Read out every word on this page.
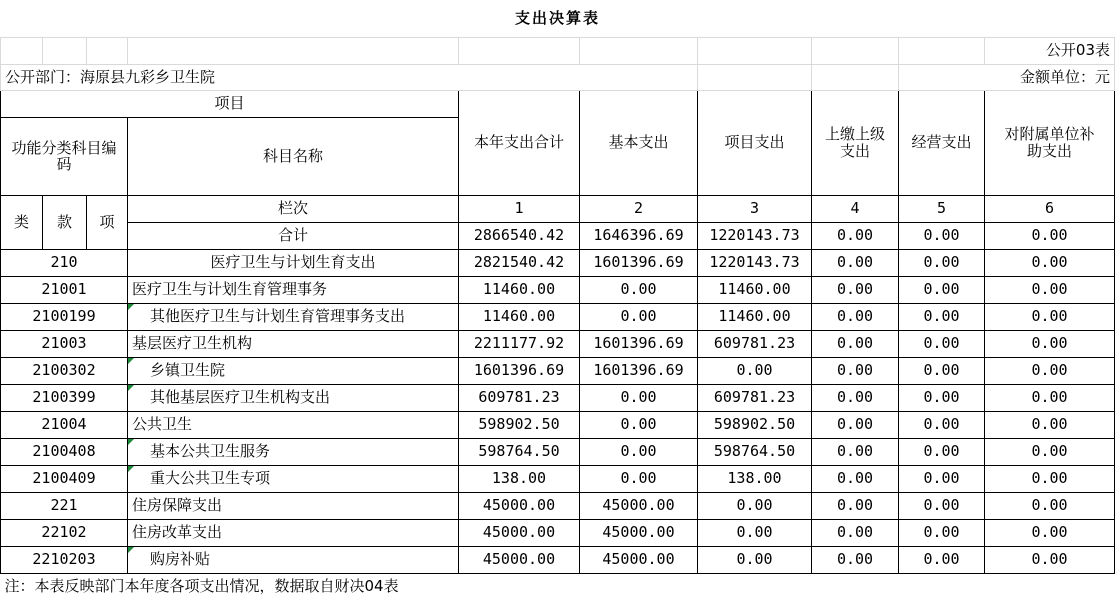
支出决算表									
									公开03表
公开部门：海原县九彩乡卫生院								金额单位：元	
项目				本年支出合计	基本支出	项目支出	上缴上级支出	经营支出	对附属单位补助支出
功能分类科目编码			科目名称						
类	款	项	栏次	1	2	3	4	5	6
			合计	2866540.42	1646396.69	1220143.73	0.00	0.00	0.00
210			医疗卫生与计划生育支出	2821540.42	1601396.69	1220143.73	0.00	0.00	0.00
21001			医疗卫生与计划生育管理事务	11460.00	0.00	11460.00	0.00	0.00	0.00
2100199			其他医疗卫生与计划生育管理事务支出	11460.00	0.00	11460.00	0.00	0.00	0.00
21003			基层医疗卫生机构	2211177.92	1601396.69	609781.23	0.00	0.00	0.00
2100302			乡镇卫生院	1601396.69	1601396.69	0.00	0.00	0.00	0.00
2100399			其他基层医疗卫生机构支出	609781.23	0.00	609781.23	0.00	0.00	0.00
21004			公共卫生	598902.50	0.00	598902.50	0.00	0.00	0.00
2100408			基本公共卫生服务	598764.50	0.00	598764.50	0.00	0.00	0.00
2100409			重大公共卫生专项	138.00	0.00	138.00	0.00	0.00	0.00
221			住房保障支出	45000.00	45000.00	0.00	0.00	0.00	0.00
22102			住房改革支出	45000.00	45000.00	0.00	0.00	0.00	0.00
2210203			购房补贴	45000.00	45000.00	0.00	0.00	0.00	0.00
注：本表反映部门本年度各项支出情况，数据取自财决04表									
